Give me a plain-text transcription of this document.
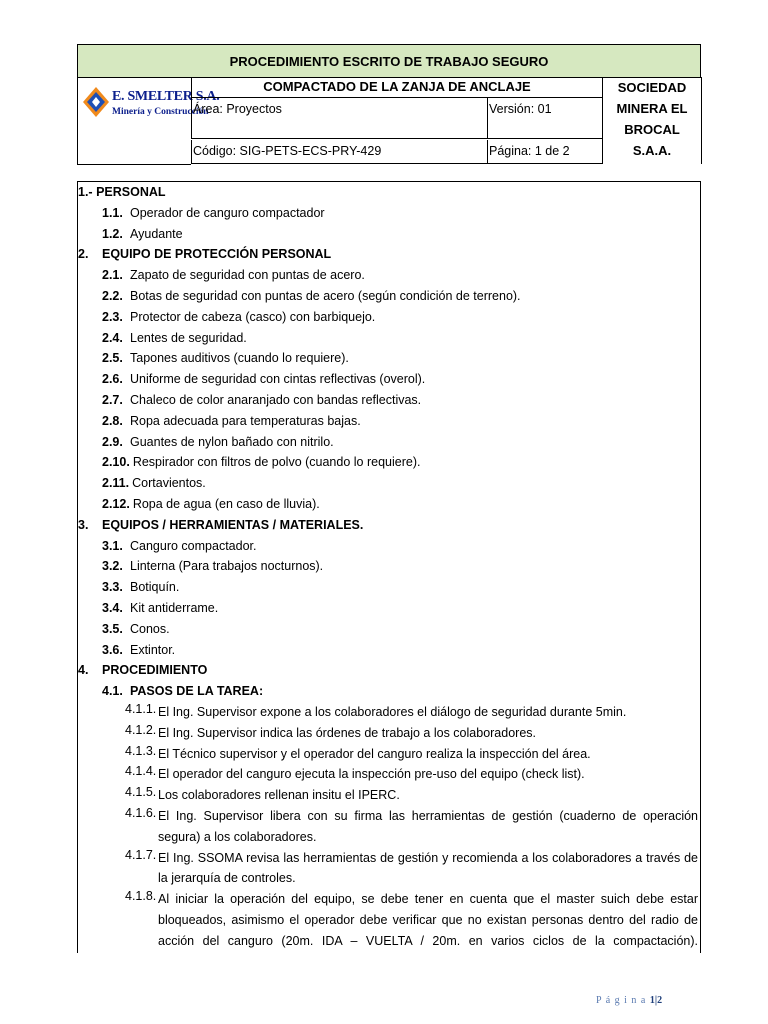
PROCEDIMIENTO ESCRITO DE TRABAJO SEGURO
E. SMELTER S.A.
Minería y Construcción
COMPACTADO DE LA ZANJA DE ANCLAJE
Área: Proyectos	Versión: 01
Código: SIG-PETS-ECS-PRY-429	Página: 1 de 2
SOCIEDAD
MINERA EL
BROCAL
S.A.A.
1.- PERSONAL
1.1. Operador de canguro compactador
1.2. Ayudante
2. EQUIPO DE PROTECCIÓN PERSONAL
2.1. Zapato de seguridad con puntas de acero.
2.2. Botas de seguridad con puntas de acero (según condición de terreno).
2.3. Protector de cabeza (casco) con barbiquejo.
2.4. Lentes de seguridad.
2.5. Tapones auditivos (cuando lo requiere).
2.6. Uniforme de seguridad con cintas reflectivas (overol).
2.7. Chaleco de color anaranjado con bandas reflectivas.
2.8. Ropa adecuada para temperaturas bajas.
2.9. Guantes de nylon bañado con nitrilo.
2.10. Respirador con filtros de polvo (cuando lo requiere).
2.11. Cortavientos.
2.12. Ropa de agua (en caso de lluvia).
3. EQUIPOS / HERRAMIENTAS / MATERIALES.
3.1. Canguro compactador.
3.2. Linterna (Para trabajos nocturnos).
3.3. Botiquín.
3.4. Kit antiderrame.
3.5. Conos.
3.6. Extintor.
4. PROCEDIMIENTO
4.1. PASOS DE LA TAREA:
4.1.1. El Ing. Supervisor expone a los colaboradores el diálogo de seguridad durante 5min.
4.1.2. El Ing. Supervisor indica las órdenes de trabajo a los colaboradores.
4.1.3. El Técnico supervisor y el operador del canguro realiza la inspección del área.
4.1.4. El operador del canguro ejecuta la inspección pre-uso del equipo (check list).
4.1.5. Los colaboradores rellenan insitu el IPERC.
4.1.6. El Ing. Supervisor libera con su firma las herramientas de gestión (cuaderno de operación segura) a los colaboradores.
4.1.7. El Ing. SSOMA revisa las herramientas de gestión y recomienda a los colaboradores a través de la jerarquía de controles.
4.1.8. Al iniciar la operación del equipo, se debe tener en cuenta que el master suich debe estar bloqueados, asimismo el operador debe verificar que no existan personas dentro del radio de acción del canguro (20m. IDA – VUELTA / 20m. en varios ciclos de la compactación).
P á g i n a 1|2
